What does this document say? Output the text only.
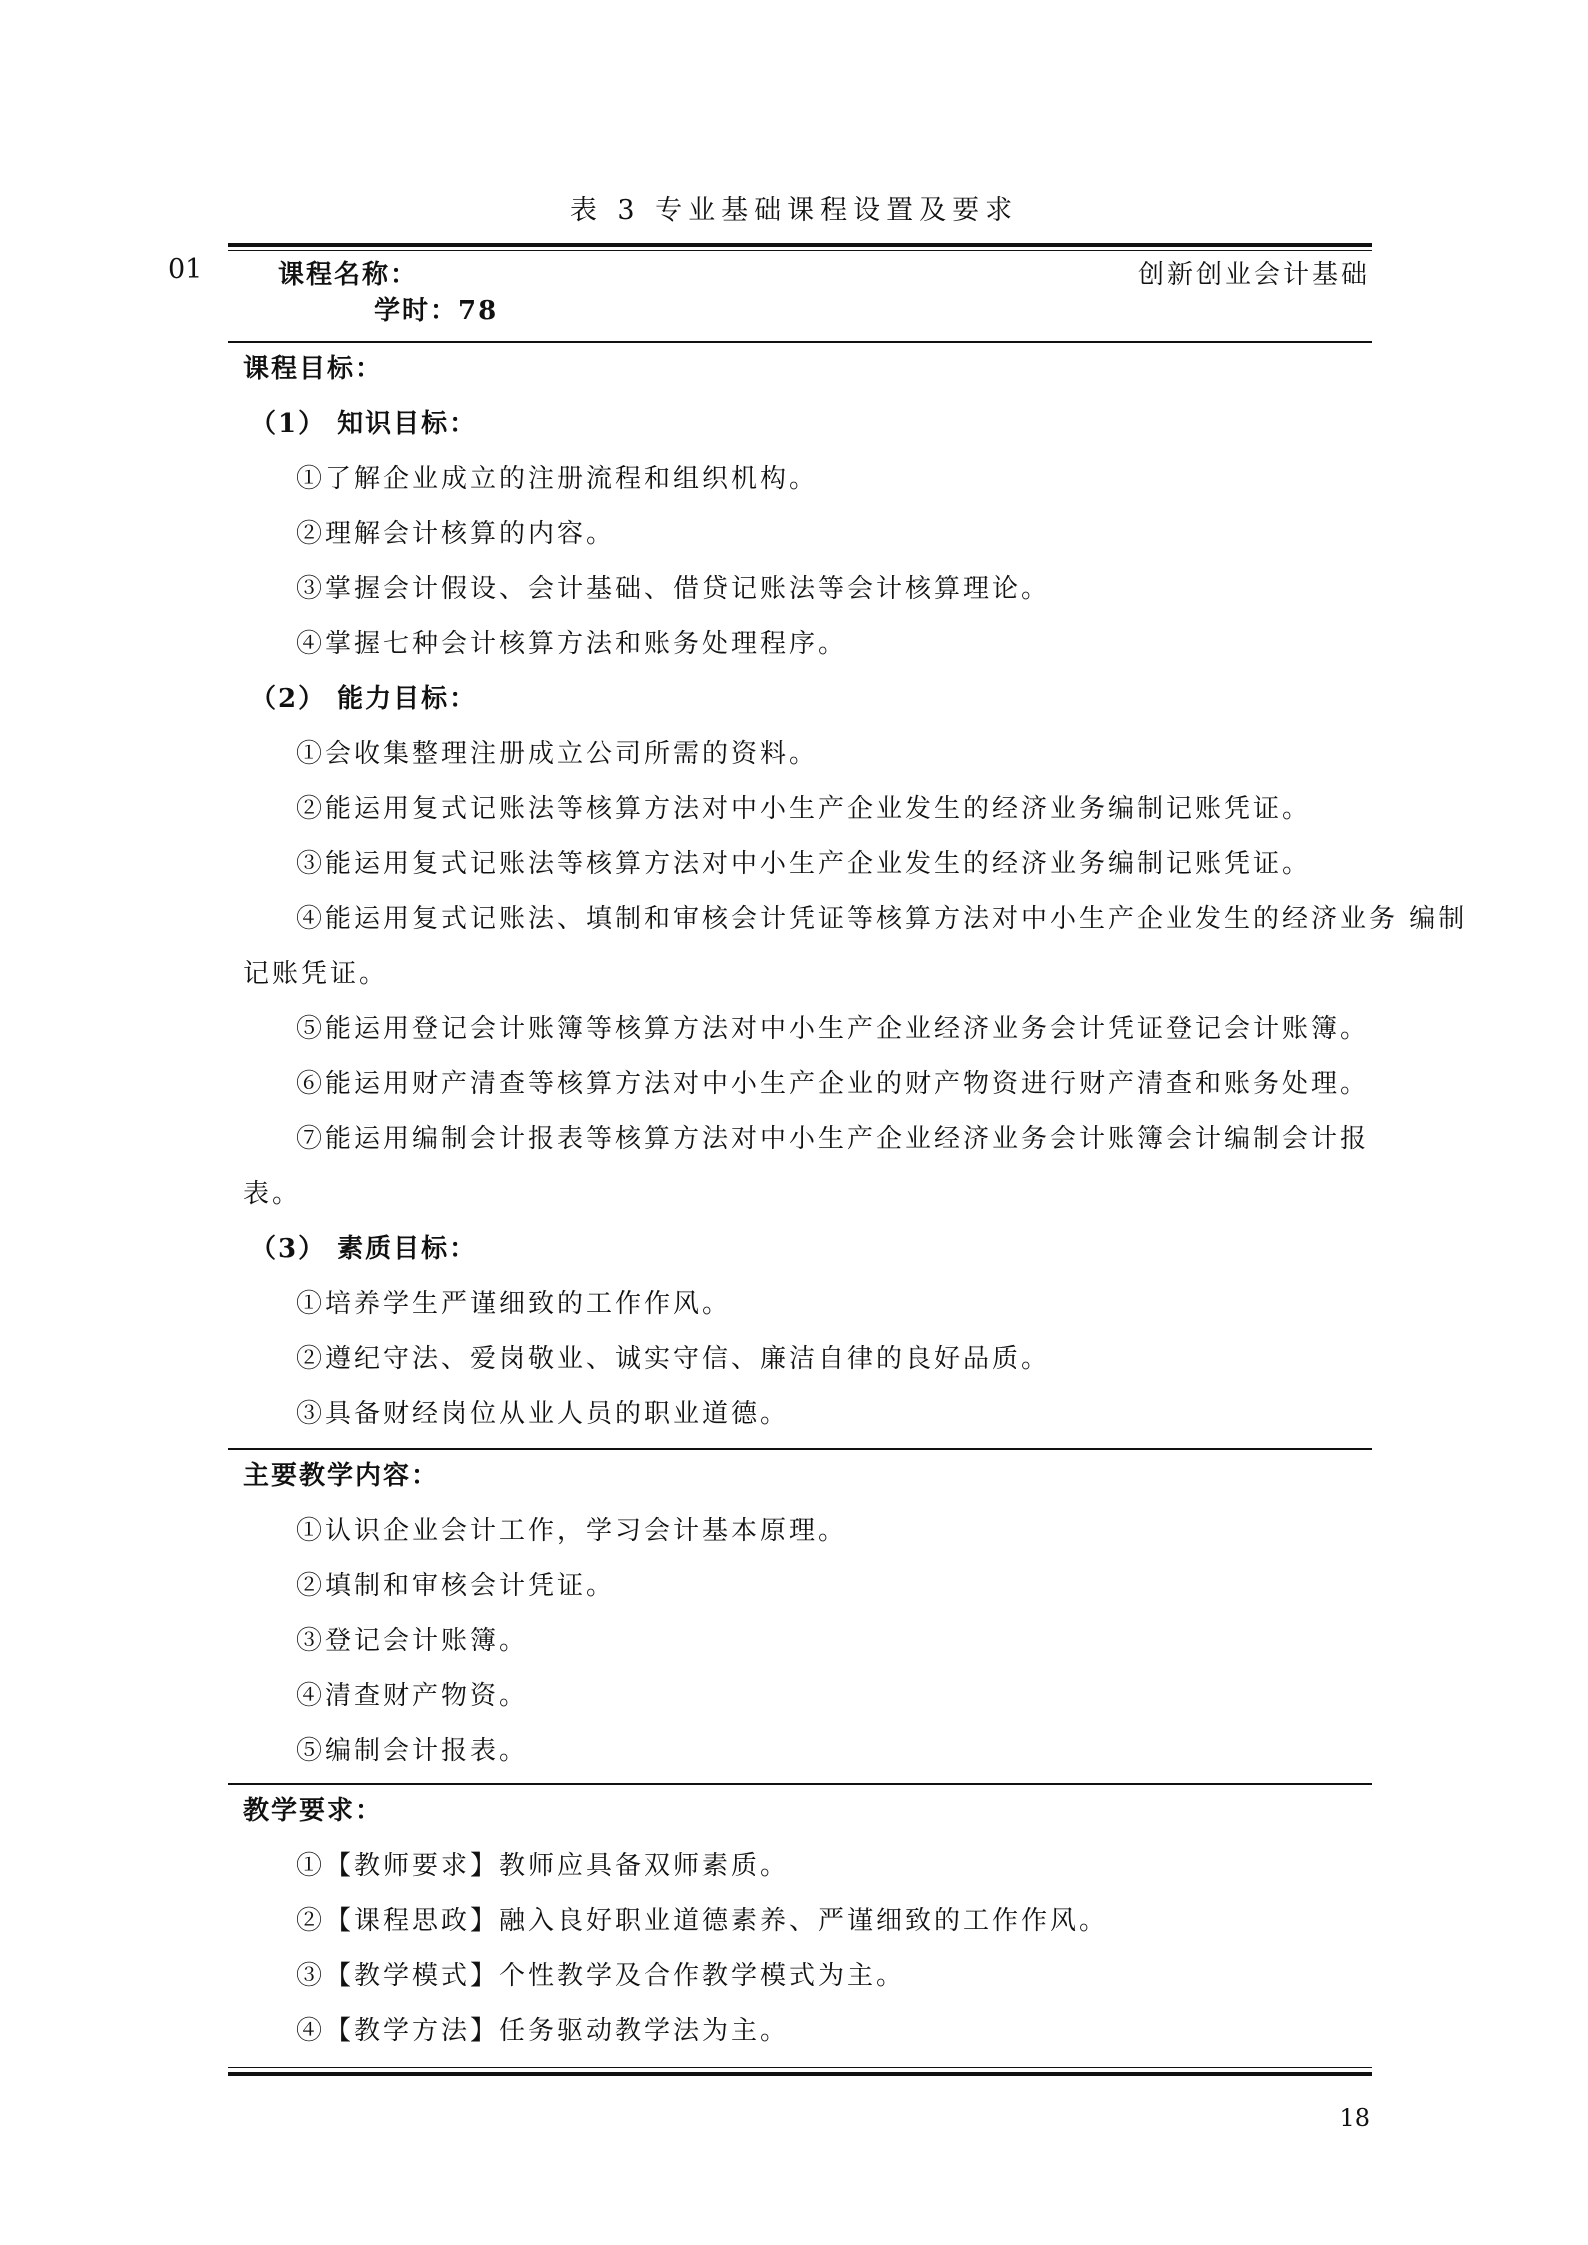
表 3 专业基础课程设置及要求
01	课程名称：	创新创业会计基础
学时：78
课程目标：
（1） 知识目标：
①了解企业成立的注册流程和组织机构。
②理解会计核算的内容。
③掌握会计假设、会计基础、借贷记账法等会计核算理论。
④掌握七种会计核算方法和账务处理程序。
（2） 能力目标：
①会收集整理注册成立公司所需的资料。
②能运用复式记账法等核算方法对中小生产企业发生的经济业务编制记账凭证。
③能运用复式记账法等核算方法对中小生产企业发生的经济业务编制记账凭证。
④能运用复式记账法、填制和审核会计凭证等核算方法对中小生产企业发生的经济业务 编制
记账凭证。
⑤能运用登记会计账簿等核算方法对中小生产企业经济业务会计凭证登记会计账簿。
⑥能运用财产清查等核算方法对中小生产企业的财产物资进行财产清查和账务处理。
⑦能运用编制会计报表等核算方法对中小生产企业经济业务会计账簿会计编制会计报
表。
（3） 素质目标：
①培养学生严谨细致的工作作风。
②遵纪守法、爱岗敬业、诚实守信、廉洁自律的良好品质。
③具备财经岗位从业人员的职业道德。
主要教学内容：
①认识企业会计工作，学习会计基本原理。
②填制和审核会计凭证。
③登记会计账簿。
④清查财产物资。
⑤编制会计报表。
教学要求：
①【教师要求】教师应具备双师素质。
②【课程思政】融入良好职业道德素养、严谨细致的工作作风。
③【教学模式】个性教学及合作教学模式为主。
④【教学方法】任务驱动教学法为主。
18
